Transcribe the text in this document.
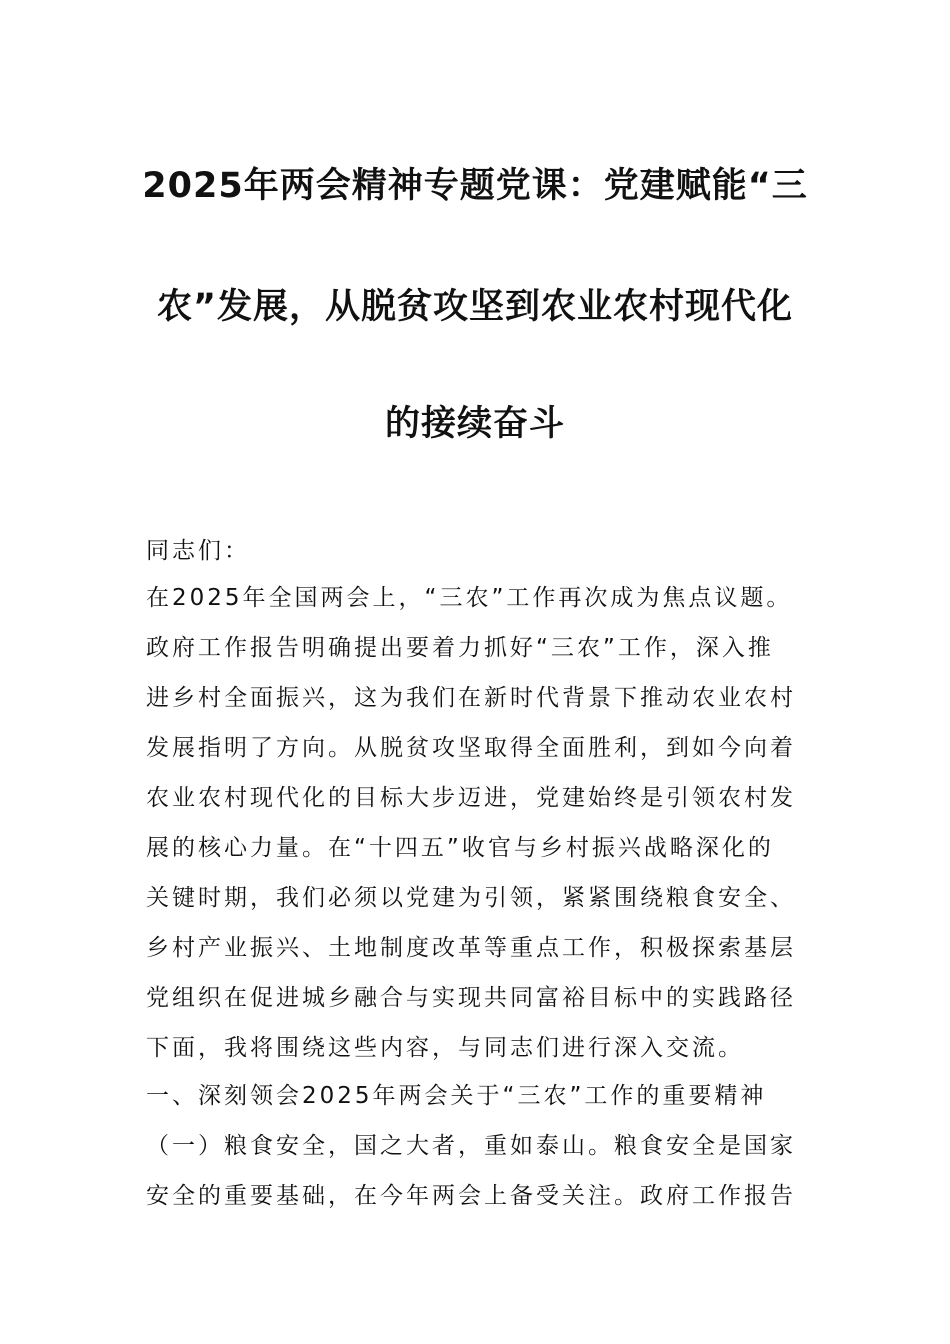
2025年两会精神专题党课：党建赋能“三
农”发展，从脱贫攻坚到农业农村现代化
的接续奋斗
同志们：
在2025年全国两会上，“三农”工作再次成为焦点议题。
政府工作报告明确提出要着力抓好“三农”工作，深入推
进乡村全面振兴，这为我们在新时代背景下推动农业农村
发展指明了方向。从脱贫攻坚取得全面胜利，到如今向着
农业农村现代化的目标大步迈进，党建始终是引领农村发
展的核心力量。在“十四五”收官与乡村振兴战略深化的
关键时期，我们必须以党建为引领，紧紧围绕粮食安全、
乡村产业振兴、土地制度改革等重点工作，积极探索基层
党组织在促进城乡融合与实现共同富裕目标中的实践路径
下面，我将围绕这些内容，与同志们进行深入交流。
一、深刻领会2025年两会关于“三农”工作的重要精神
（一）粮食安全，国之大者，重如泰山。粮食安全是国家
安全的重要基础，在今年两会上备受关注。政府工作报告
